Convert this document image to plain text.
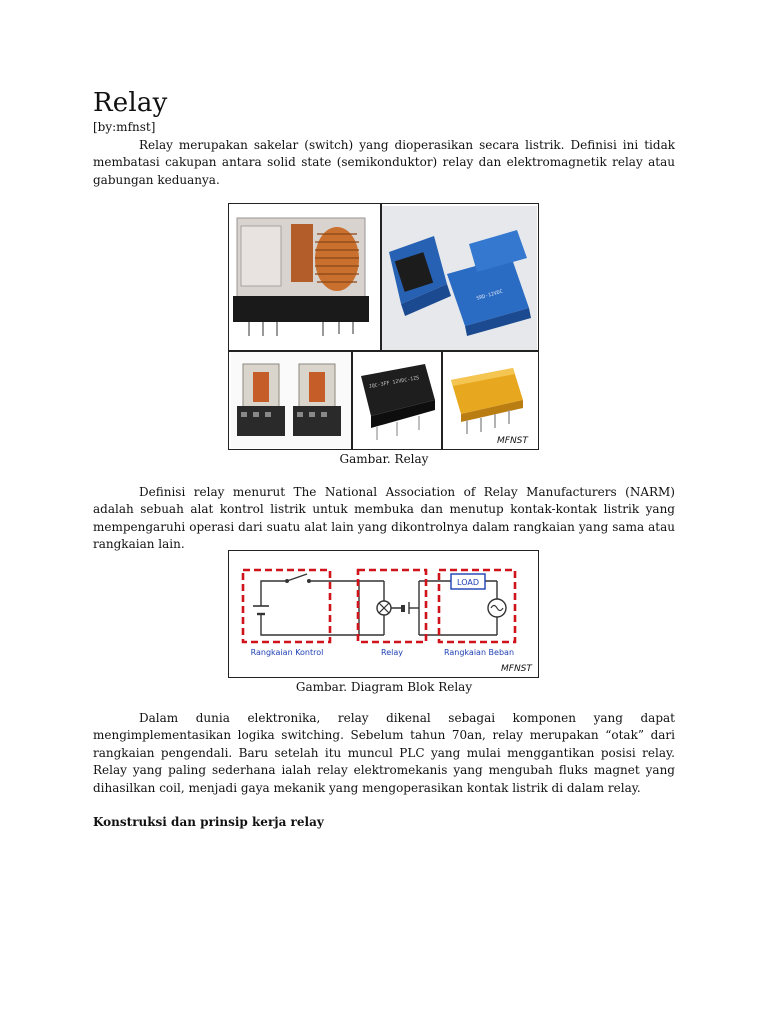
Relay
[by:mfnst]

Relay merupakan sakelar (switch) yang dioperasikan secara listrik. Definisi ini tidak membatasi cakupan antara solid state (semikonduktor) relay dan elektromagnetik relay atau gabungan keduanya.

SRD-12VDC
JQC-3FF 12VDC-1ZS
MFNST
Gambar. Relay

Definisi relay menurut The National Association of Relay Manufacturers (NARM) adalah sebuah alat kontrol listrik untuk membuka dan menutup kontak-kontak listrik yang mempengaruhi operasi dari suatu alat lain yang dikontrolnya dalam rangkaian yang sama atau rangkaian lain.

LOAD
Rangkaian Kontrol	Relay	Rangkaian Beban
MFNST
Gambar. Diagram Blok Relay

Dalam dunia elektronika, relay dikenal sebagai komponen yang dapat mengimplementasikan logika switching. Sebelum tahun 70an, relay merupakan “otak” dari rangkaian pengendali. Baru setelah itu muncul PLC yang mulai menggantikan posisi relay. Relay yang paling sederhana ialah relay elektromekanis yang mengubah fluks magnet yang dihasilkan coil, menjadi gaya mekanik yang mengoperasikan kontak listrik di dalam relay.

Konstruksi dan prinsip kerja relay
